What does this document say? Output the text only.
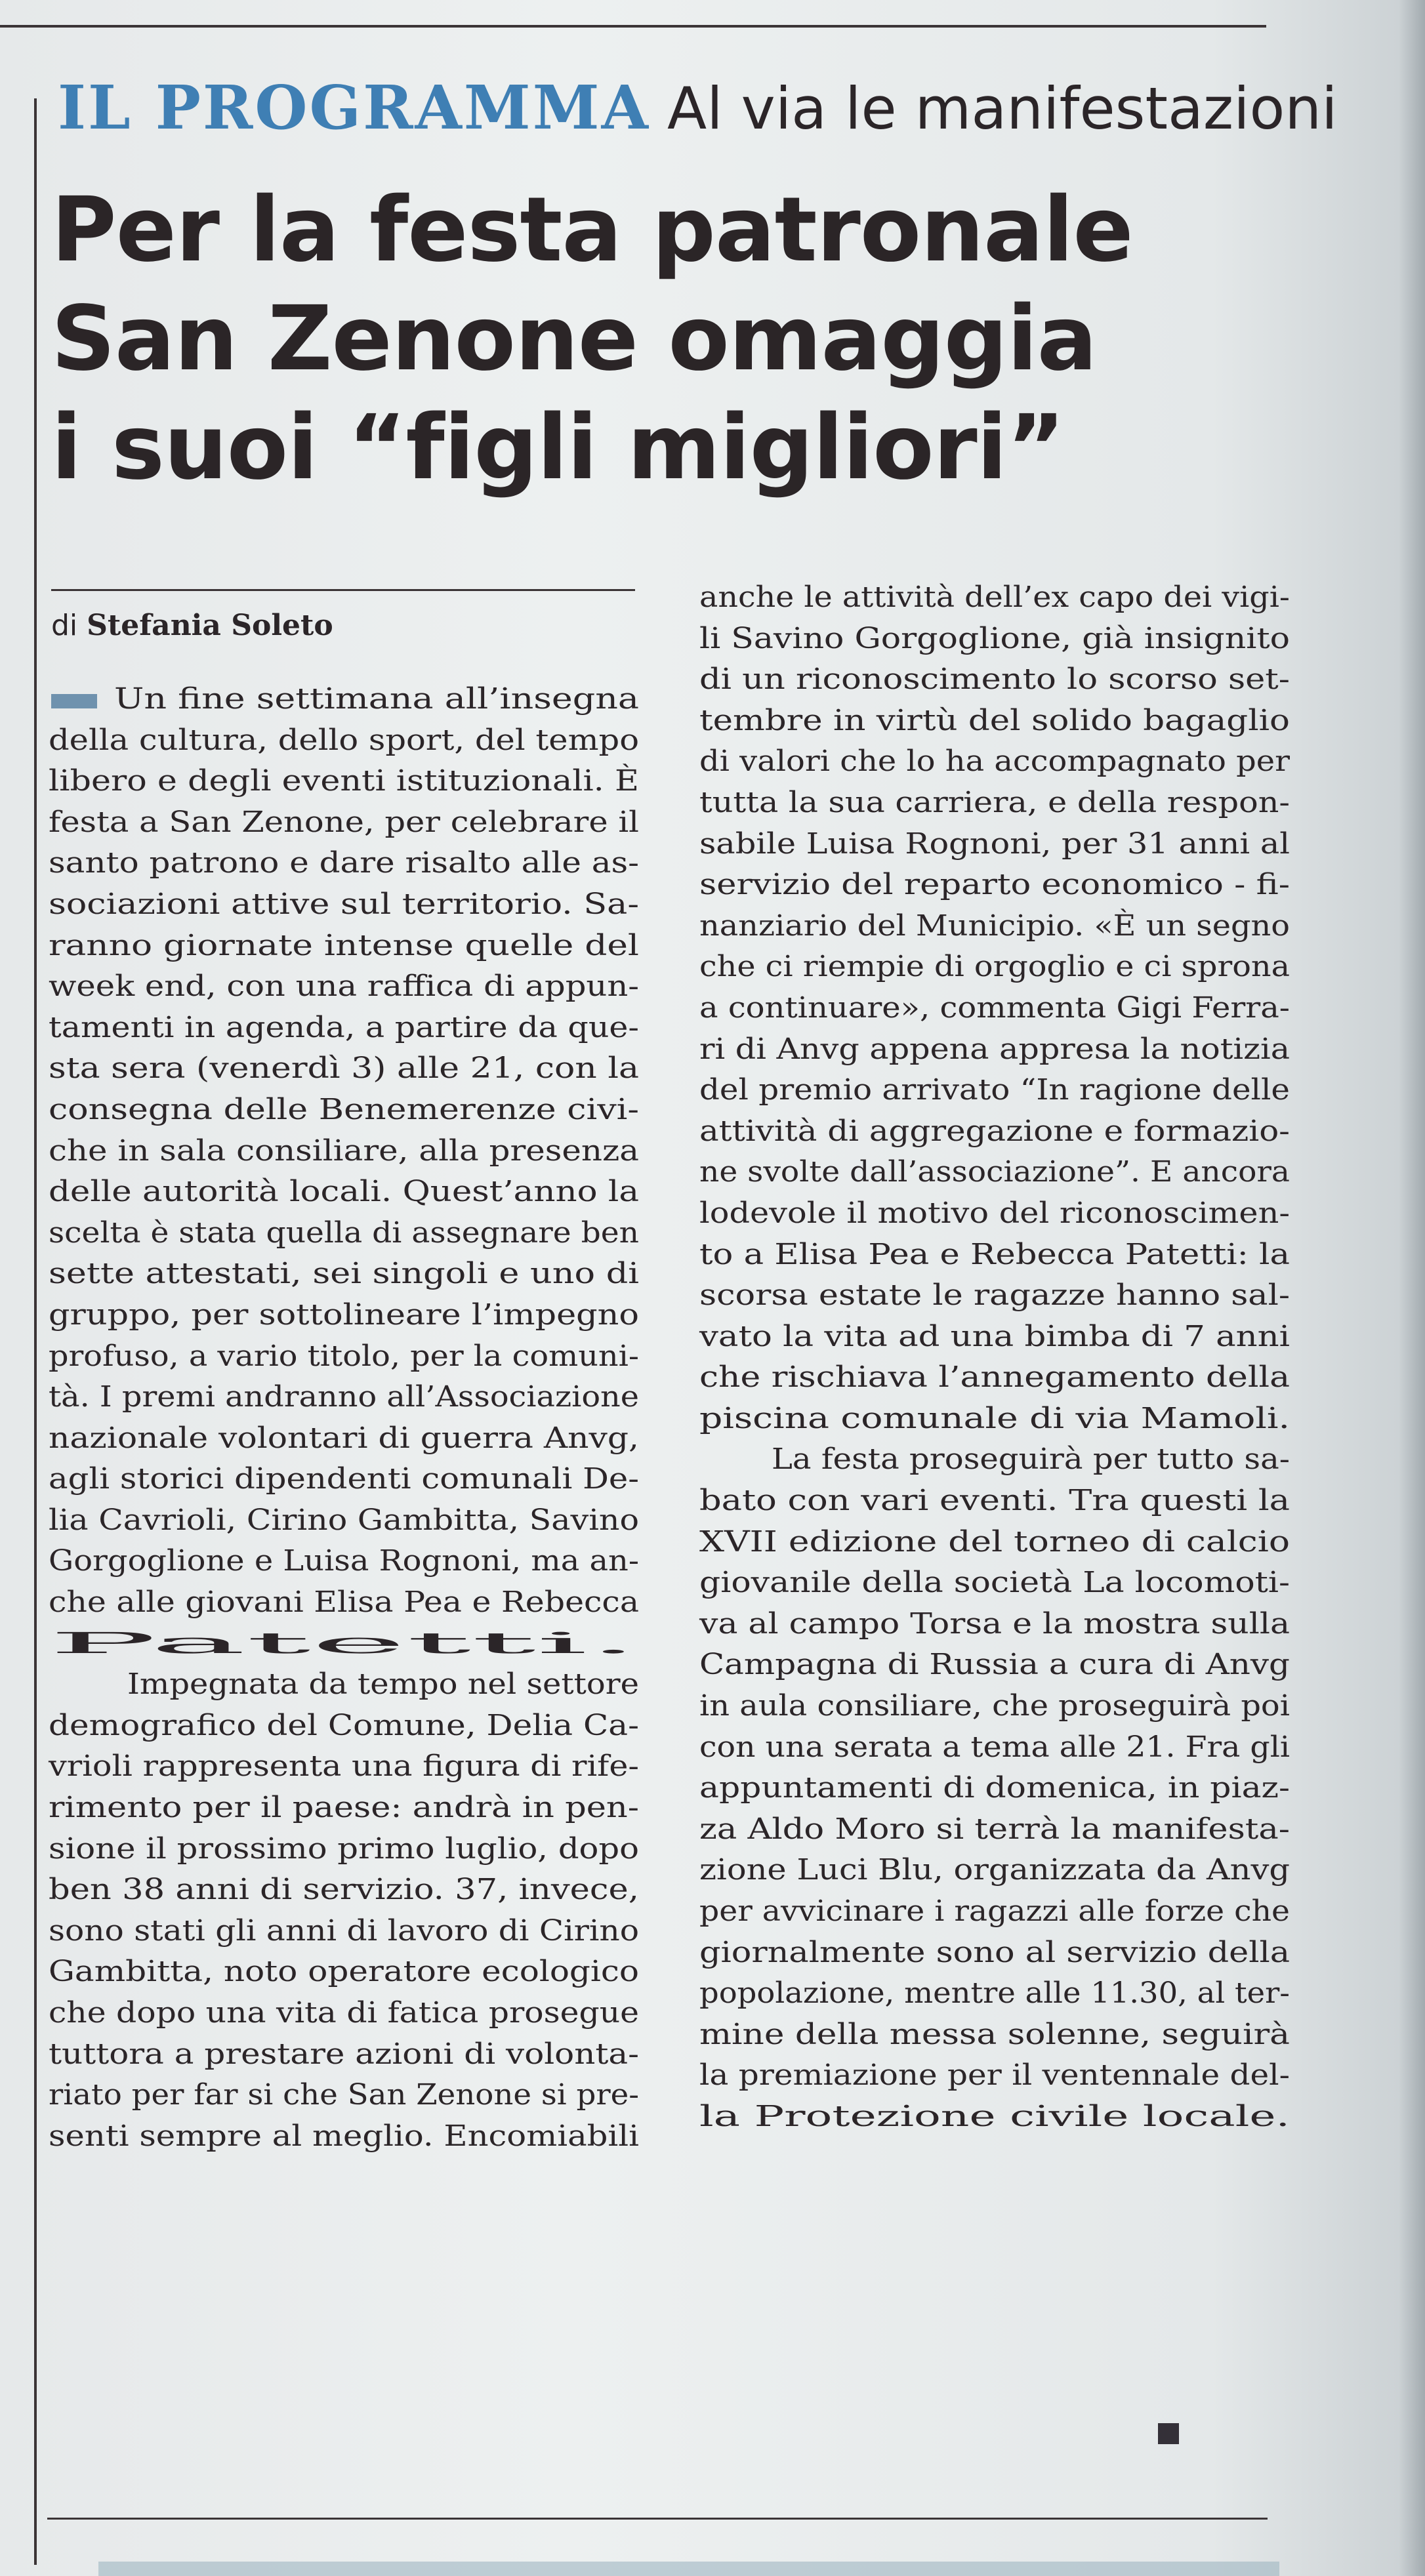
IL PROGRAMMA Al via le manifestazioni
Per la festa patronale
San Zenone omaggia
i suoi “figli migliori”
di Stefania Soleto
Un fine settimana all’insegna
della cultura, dello sport, del tempo
libero e degli eventi istituzionali. È
festa a San Zenone, per celebrare il
santo patrono e dare risalto alle as-
sociazioni attive sul territorio. Sa-
ranno giornate intense quelle del
week end, con una raffica di appun-
tamenti in agenda, a partire da que-
sta sera (venerdì 3) alle 21, con la
consegna delle Benemerenze civi-
che in sala consiliare, alla presenza
delle autorità locali. Quest’anno la
scelta è stata quella di assegnare ben
sette attestati, sei singoli e uno di
gruppo, per sottolineare l’impegno
profuso, a vario titolo, per la comuni-
tà. I premi andranno all’Associazione
nazionale volontari di guerra Anvg,
agli storici dipendenti comunali De-
lia Cavrioli, Cirino Gambitta, Savino
Gorgoglione e Luisa Rognoni, ma an-
che alle giovani Elisa Pea e Rebecca
Patetti.
Impegnata da tempo nel settore
demografico del Comune, Delia Ca-
vrioli rappresenta una figura di rife-
rimento per il paese: andrà in pen-
sione il prossimo primo luglio, dopo
ben 38 anni di servizio. 37, invece,
sono stati gli anni di lavoro di Cirino
Gambitta, noto operatore ecologico
che dopo una vita di fatica prosegue
tuttora a prestare azioni di volonta-
riato per far si che San Zenone si pre-
senti sempre al meglio. Encomiabili
anche le attività dell’ex capo dei vigi-
li Savino Gorgoglione, già insignito
di un riconoscimento lo scorso set-
tembre in virtù del solido bagaglio
di valori che lo ha accompagnato per
tutta la sua carriera, e della respon-
sabile Luisa Rognoni, per 31 anni al
servizio del reparto economico - fi-
nanziario del Municipio. «È un segno
che ci riempie di orgoglio e ci sprona
a continuare», commenta Gigi Ferra-
ri di Anvg appena appresa la notizia
del premio arrivato “In ragione delle
attività di aggregazione e formazio-
ne svolte dall’associazione”. E ancora
lodevole il motivo del riconoscimen-
to a Elisa Pea e Rebecca Patetti: la
scorsa estate le ragazze hanno sal-
vato la vita ad una bimba di 7 anni
che rischiava l’annegamento della
piscina comunale di via Mamoli.
La festa proseguirà per tutto sa-
bato con vari eventi. Tra questi la
XVII edizione del torneo di calcio
giovanile della società La locomoti-
va al campo Torsa e la mostra sulla
Campagna di Russia a cura di Anvg
in aula consiliare, che proseguirà poi
con una serata a tema alle 21. Fra gli
appuntamenti di domenica, in piaz-
za Aldo Moro si terrà la manifesta-
zione Luci Blu, organizzata da Anvg
per avvicinare i ragazzi alle forze che
giornalmente sono al servizio della
popolazione, mentre alle 11.30, al ter-
mine della messa solenne, seguirà
la premiazione per il ventennale del-
la Protezione civile locale.
